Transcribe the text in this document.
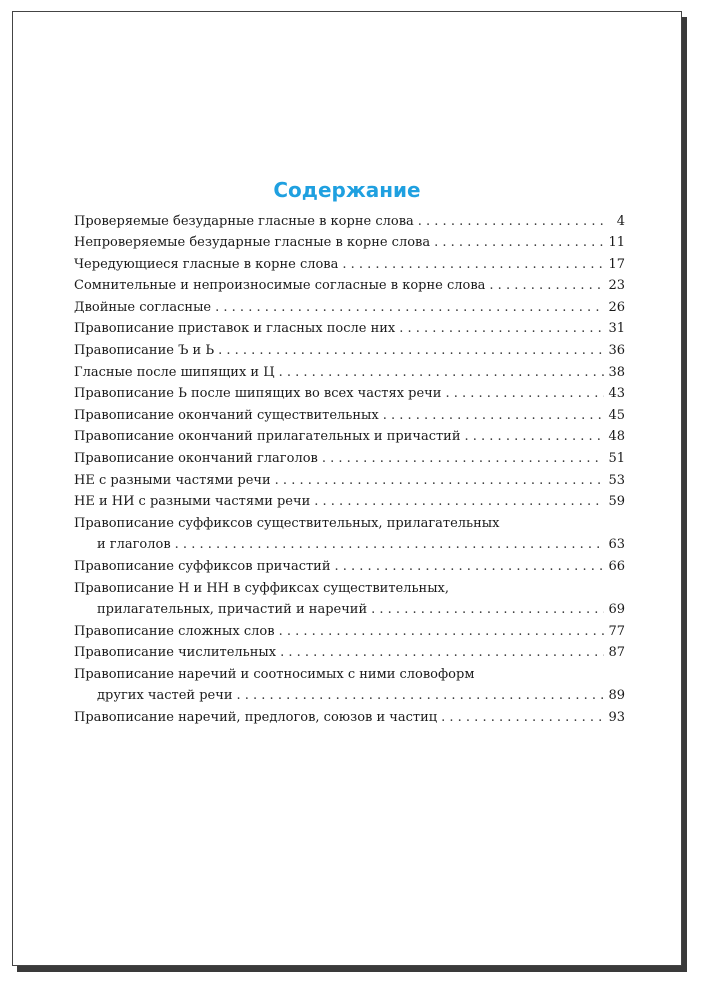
Содержание
Проверяемые безударные гласные в корне слова . . .	4
Непроверяемые безударные гласные в корне слова . . .	11
Чередующиеся гласные в корне слова . . .	17
Сомнительные и непроизносимые согласные в корне слова . . .	23
Двойные согласные . . .	26
Правописание приставок и гласных после них . . .	31
Правописание Ъ и Ь . . .	36
Гласные после шипящих и Ц . . .	38
Правописание Ь после шипящих во всех частях речи . . .	43
Правописание окончаний существительных . . .	45
Правописание окончаний прилагательных и причастий . . .	48
Правописание окончаний глаголов . . .	51
НЕ с разными частями речи . . .	53
НЕ и НИ с разными частями речи . . .	59
Правописание суффиксов существительных, прилагательных
и глаголов . . .	63
Правописание суффиксов причастий . . .	66
Правописание Н и НН в суффиксах существительных,
прилагательных, причастий и наречий . . .	69
Правописание сложных слов . . .	77
Правописание числительных . . .	87
Правописание наречий и соотносимых с ними словоформ
других частей речи . . .	89
Правописание наречий, предлогов, союзов и частиц . . .	93
